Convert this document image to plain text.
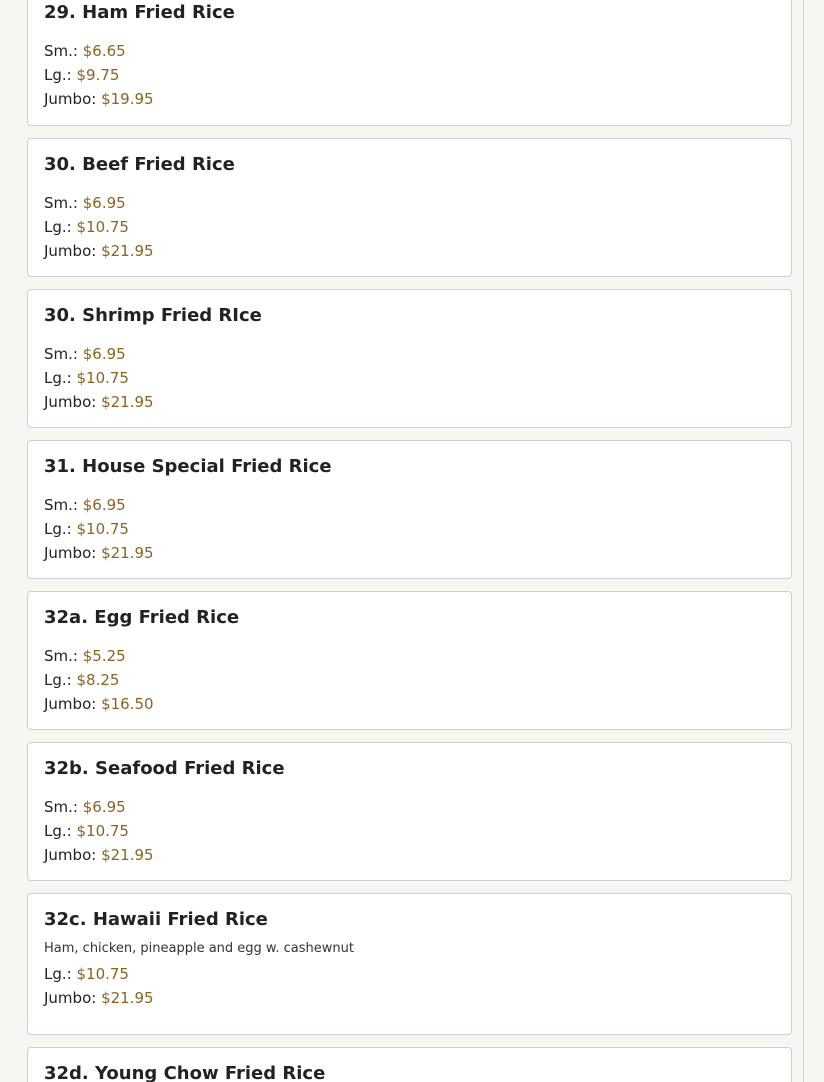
29. Ham Fried Rice
Sm.: $6.65
Lg.: $9.75
Jumbo: $19.95
30. Beef Fried Rice
Sm.: $6.95
Lg.: $10.75
Jumbo: $21.95
30. Shrimp Fried RIce
Sm.: $6.95
Lg.: $10.75
Jumbo: $21.95
31. House Special Fried Rice
Sm.: $6.95
Lg.: $10.75
Jumbo: $21.95
32a. Egg Fried Rice
Sm.: $5.25
Lg.: $8.25
Jumbo: $16.50
32b. Seafood Fried Rice
Sm.: $6.95
Lg.: $10.75
Jumbo: $21.95
32c. Hawaii Fried Rice
Ham, chicken, pineapple and egg w. cashewnut
Lg.: $10.75
Jumbo: $21.95
32d. Young Chow Fried Rice
